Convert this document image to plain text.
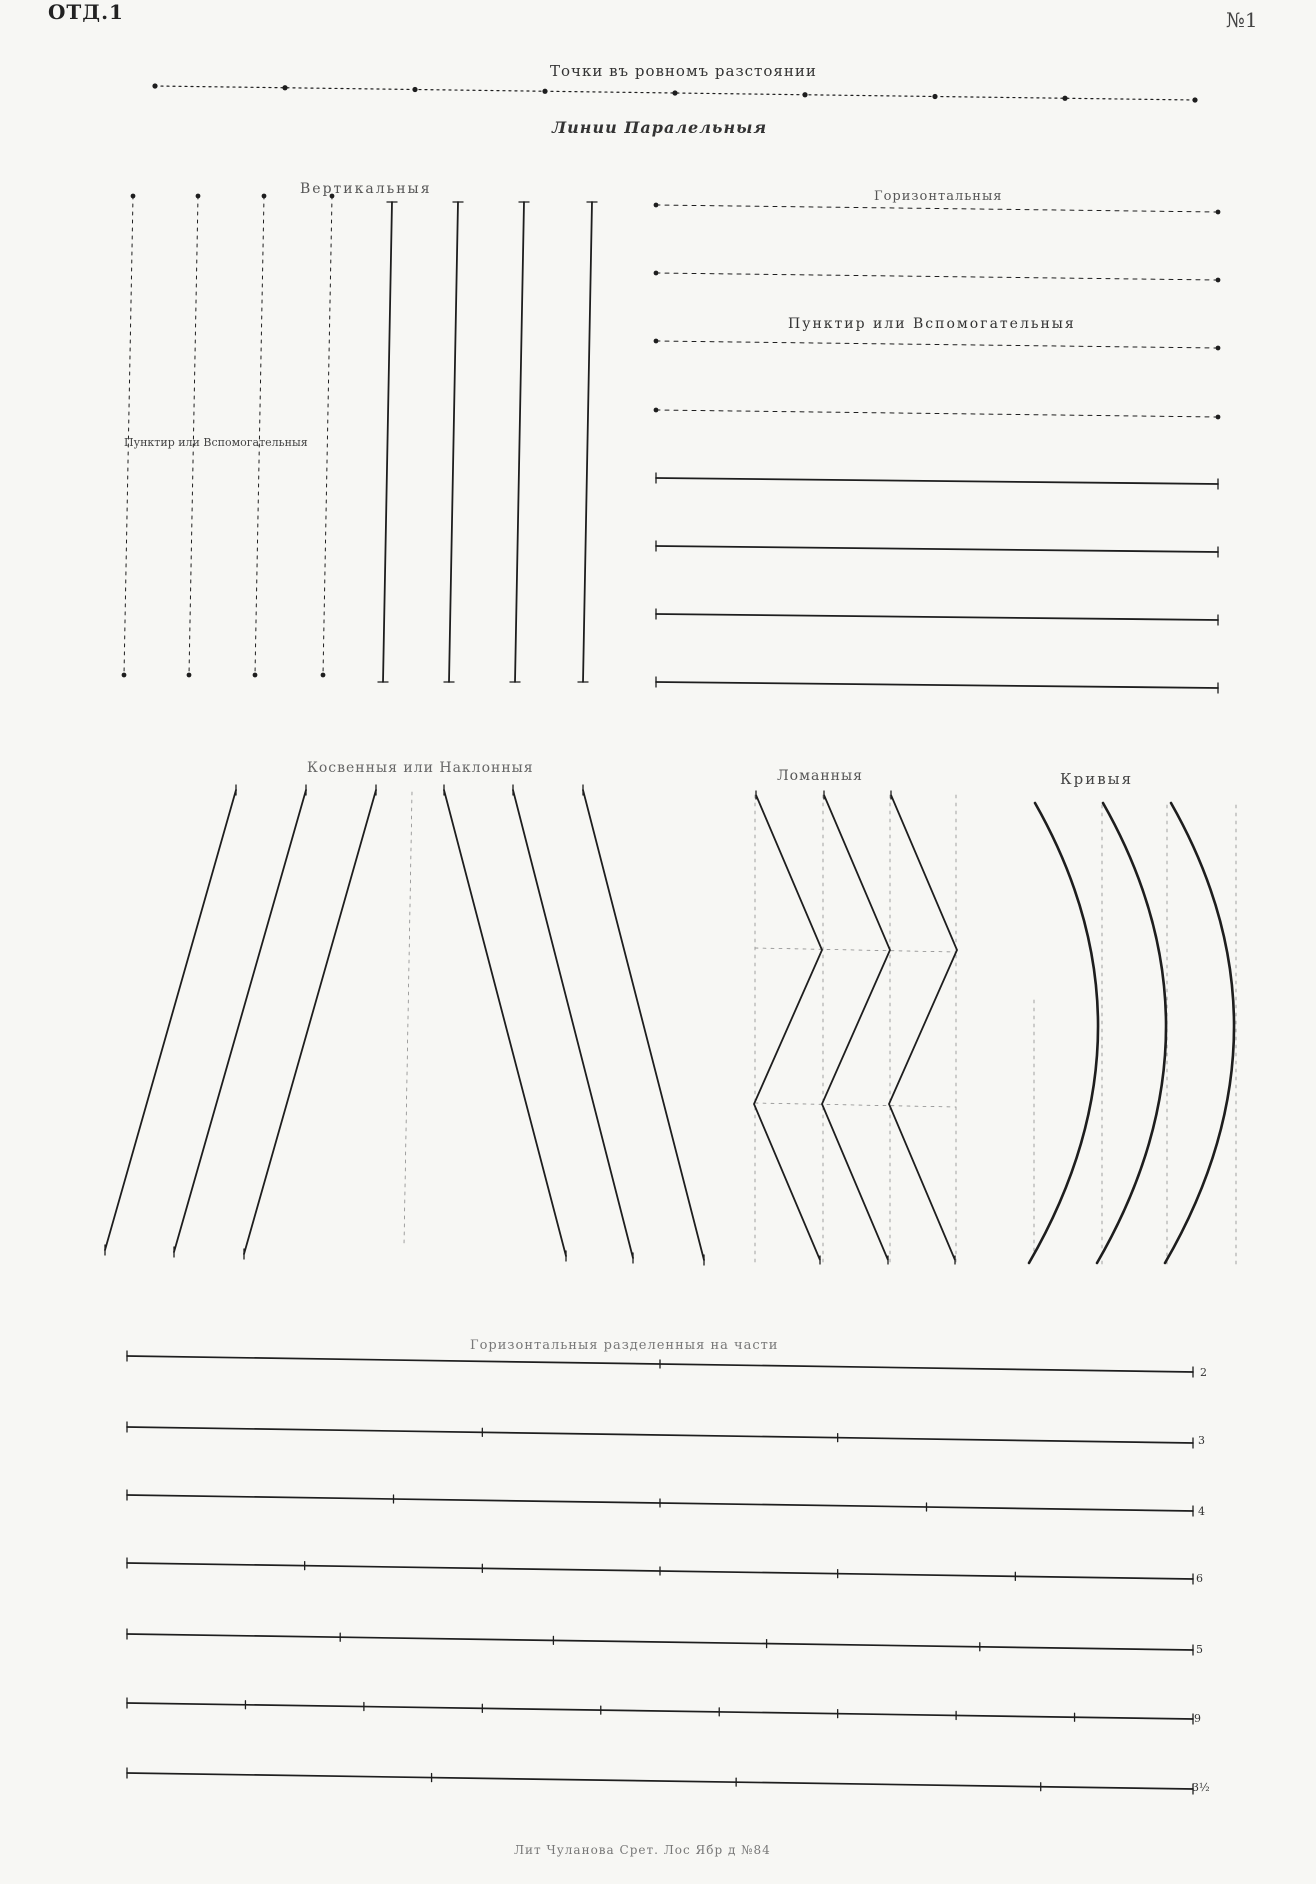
ОТД.1	№1
Точки въ ровномъ разстоянии
Линии Паралельныя
Вертикальныя	Горизонтальныя
Пунктир или Вспомогательныя
Пунктир или Вспомогательныя
Косвенныя или Наклонныя	Ломанныя	Кривыя
Горизонтальныя разделенныя на части
2
3
4
6
5
9
3½
Лит Чуланова Срет. Лос Ябр д №84
